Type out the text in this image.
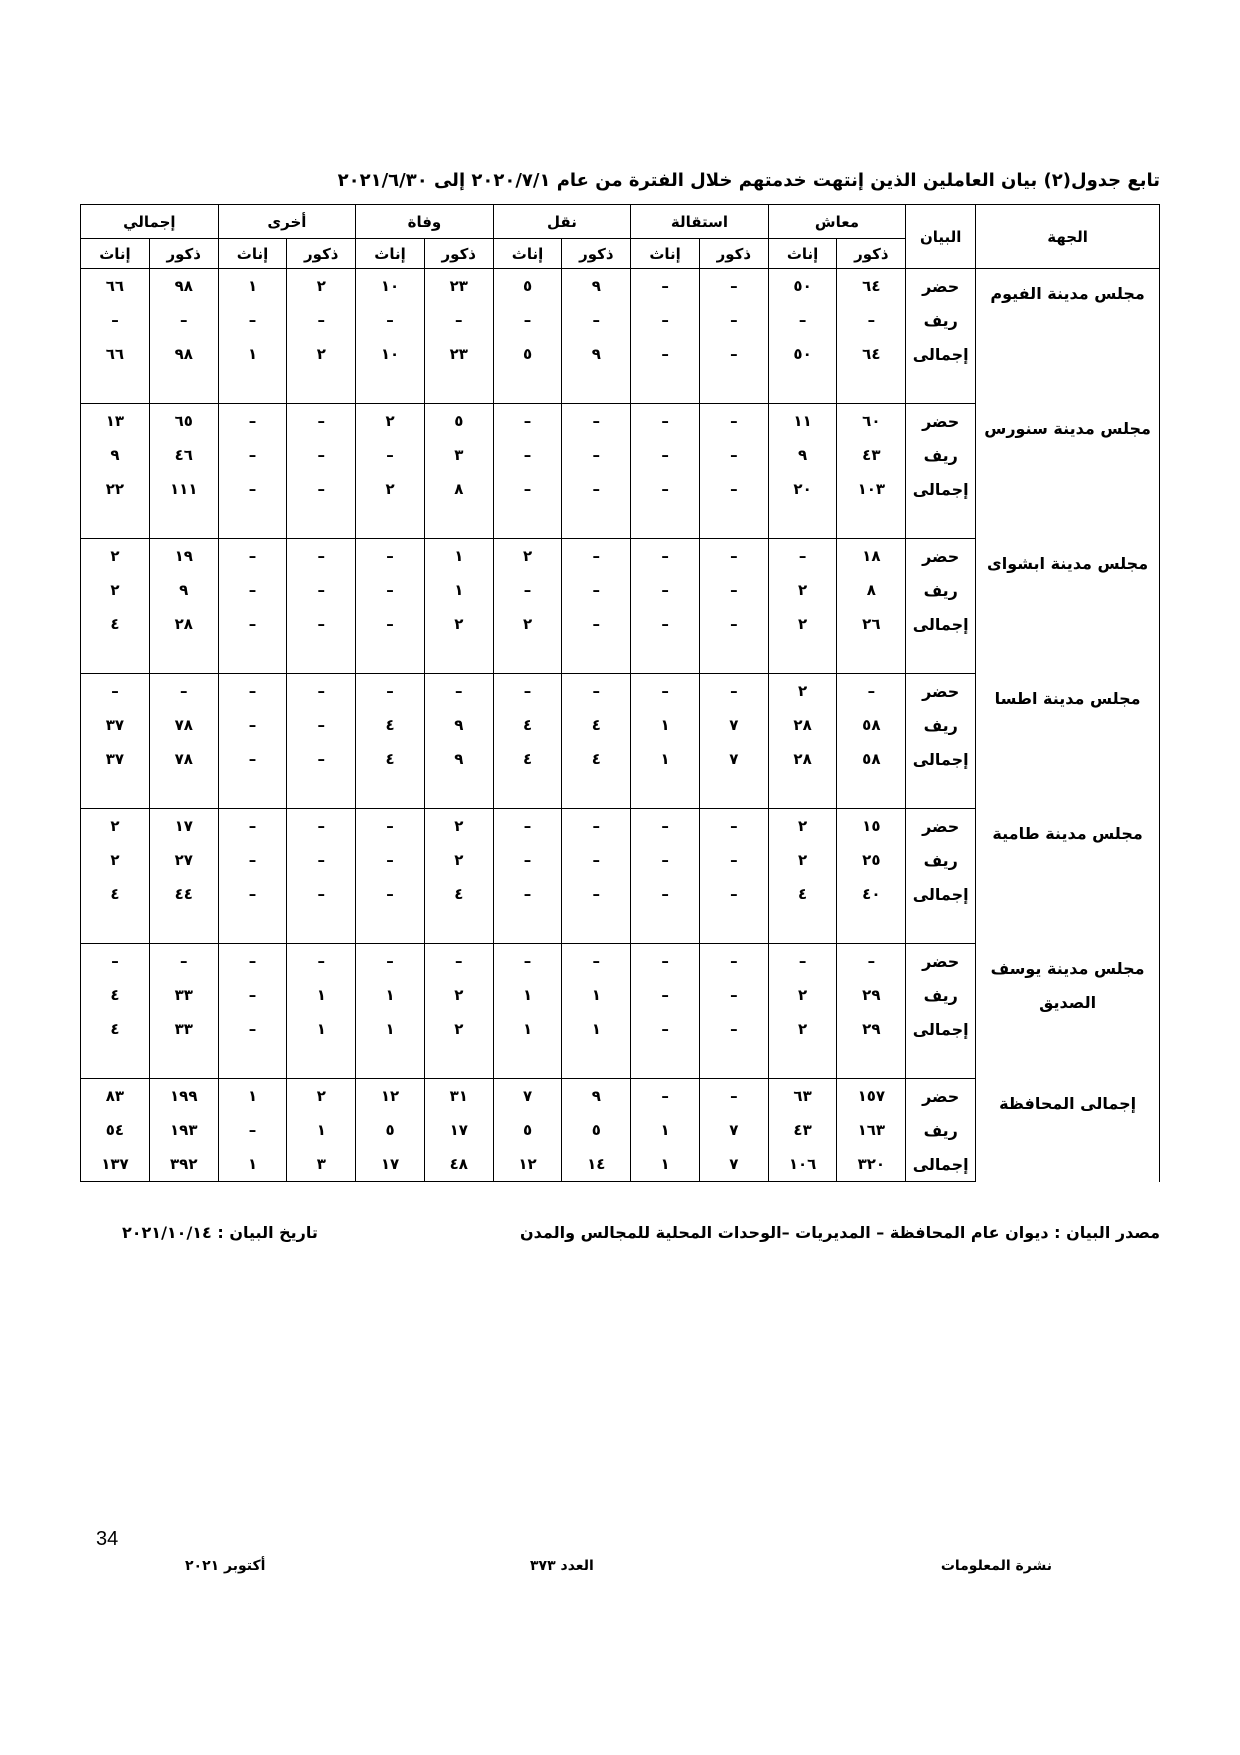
تابع جدول(٢) بيان العاملين الذين إنتهت خدمتهم خلال الفترة من عام ٢٠٢٠/٧/١ إلى ٢٠٢١/٦/٣٠
الجهة	البيان	معاش		استقالة		نقل		وفاة		أخرى		إجمالي	
		ذكور	إناث	ذكور	إناث	ذكور	إناث	ذكور	إناث	ذكور	إناث	ذكور	إناث
مجلس مدينة الفيوم	حضر	٦٤	٥٠	–	–	٩	٥	٢٣	١٠	٢	١	٩٨	٦٦
	ريف	–	–	–	–	–	–	–	–	–	–	–	–
	إجمالى	٦٤	٥٠	–	–	٩	٥	٢٣	١٠	٢	١	٩٨	٦٦

مجلس مدينة سنورس	حضر	٦٠	١١	–	–	–	–	٥	٢	–	–	٦٥	١٣
	ريف	٤٣	٩	–	–	–	–	٣	–	–	–	٤٦	٩
	إجمالى	١٠٣	٢٠	–	–	–	–	٨	٢	–	–	١١١	٢٢

مجلس مدينة ابشواى	حضر	١٨	–	–	–	–	٢	١	–	–	–	١٩	٢
	ريف	٨	٢	–	–	–	–	١	–	–	–	٩	٢
	إجمالى	٢٦	٢	–	–	–	٢	٢	–	–	–	٢٨	٤

مجلس مدينة اطسا	حضر	–	٢	–	–	–	–	–	–	–	–	–	–
	ريف	٥٨	٢٨	٧	١	٤	٤	٩	٤	–	–	٧٨	٣٧
	إجمالى	٥٨	٢٨	٧	١	٤	٤	٩	٤	–	–	٧٨	٣٧

مجلس مدينة طامية	حضر	١٥	٢	–	–	–	–	٢	–	–	–	١٧	٢
	ريف	٢٥	٢	–	–	–	–	٢	–	–	–	٢٧	٢
	إجمالى	٤٠	٤	–	–	–	–	٤	–	–	–	٤٤	٤

مجلس مدينة يوسف الصديق	حضر	–	–	–	–	–	–	–	–	–	–	–	–
	ريف	٢٩	٢	–	–	١	١	٢	١	١	–	٣٣	٤
	إجمالى	٢٩	٢	–	–	١	١	٢	١	١	–	٣٣	٤

إجمالى المحافظة	حضر	١٥٧	٦٣	–	–	٩	٧	٣١	١٢	٢	١	١٩٩	٨٣
	ريف	١٦٣	٤٣	٧	١	٥	٥	١٧	٥	١	–	١٩٣	٥٤
	إجمالى	٣٢٠	١٠٦	٧	١	١٤	١٢	٤٨	١٧	٣	١	٣٩٢	١٣٧
مصدر البيان : ديوان عام المحافظة – المديريات –الوحدات المحلية للمجالس والمدن
تاريخ البيان : ٢٠٢١/١٠/١٤
34
نشرة المعلومات
العدد ٣٧٣
أكتوبر ٢٠٢١
